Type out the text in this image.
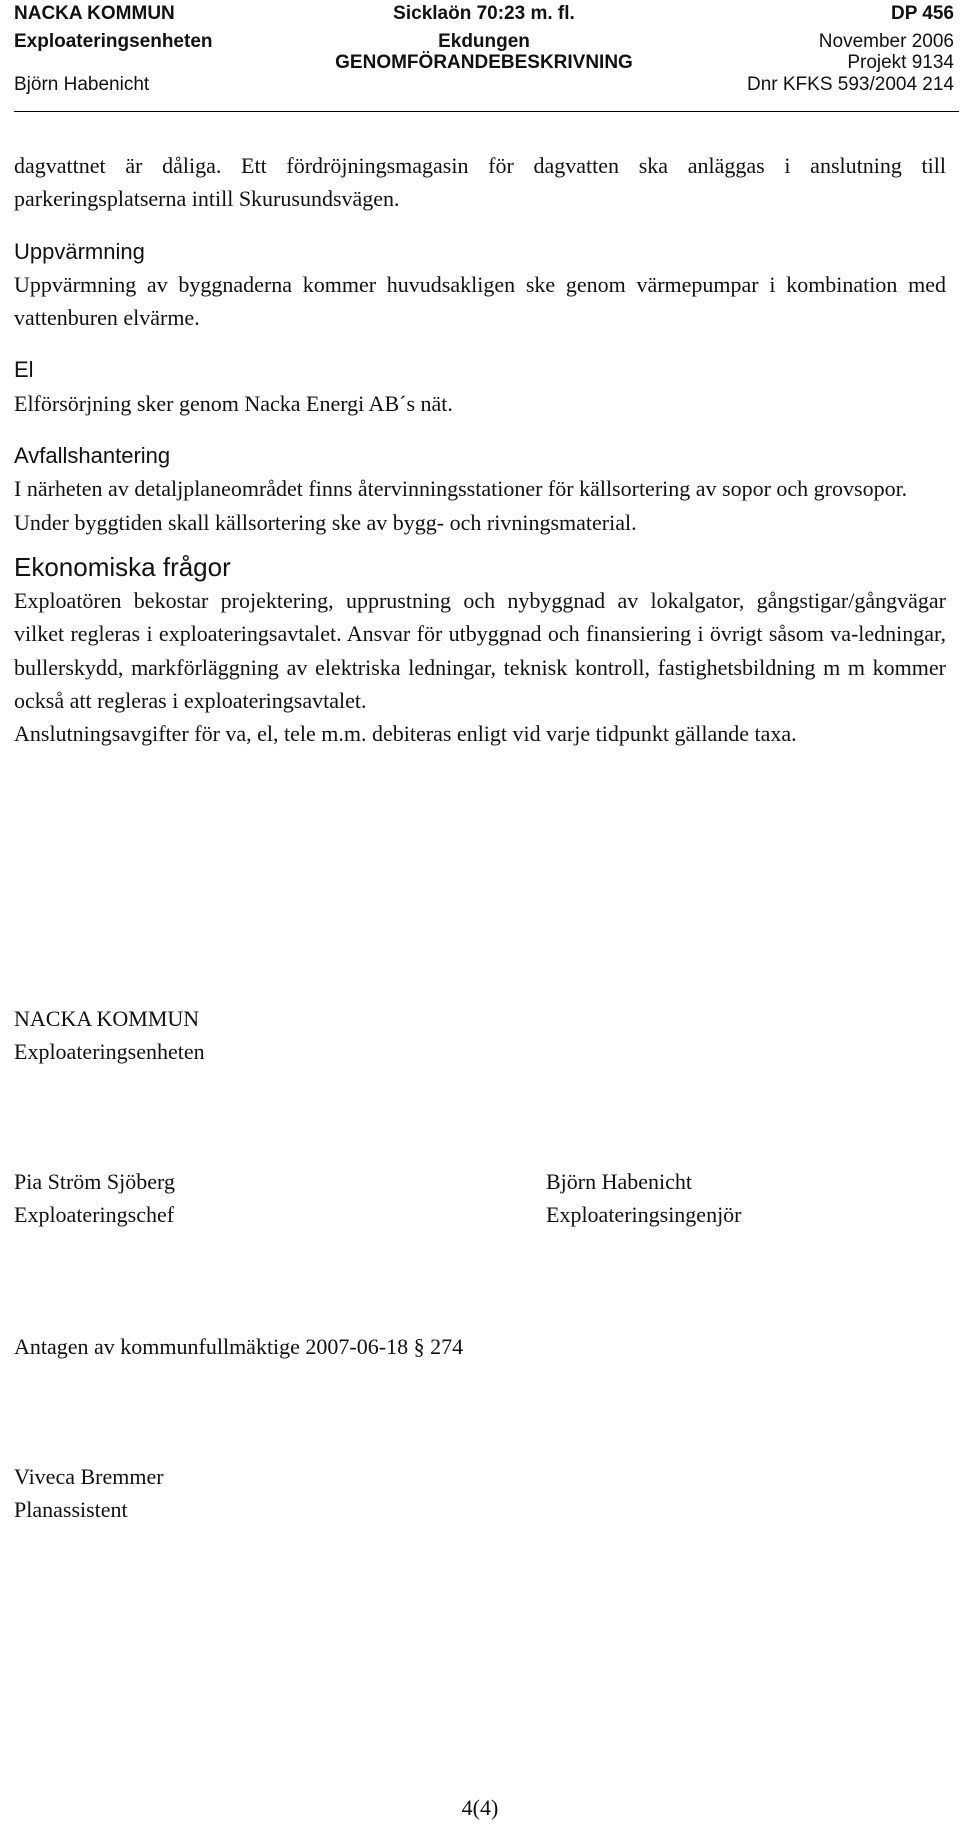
NACKA KOMMUN	Sicklaön 70:23 m. fl.	DP 456
Exploateringsenheten	Ekdungen	November 2006
GENOMFÖRANDEBESKRIVNING	Projekt 9134
Björn Habenicht	Dnr KFKS 593/2004 214

dagvattnet är dåliga. Ett fördröjningsmagasin för dagvatten ska anläggas i anslutning till parkeringsplatserna intill Skurusundsvägen.

Uppvärmning

Uppvärmning av byggnaderna kommer huvudsakligen ske genom värmepumpar i kombination med vattenburen elvärme.

El

Elförsörjning sker genom Nacka Energi AB´s nät.

Avfallshantering

I närheten av detaljplaneområdet finns återvinningsstationer för källsortering av sopor och grovsopor.

Under byggtiden skall källsortering ske av bygg- och rivningsmaterial.

Ekonomiska frågor

Exploatören bekostar projektering, upprustning och nybyggnad av lokalgator, gångstigar/gångvägar vilket regleras i exploateringsavtalet. Ansvar för utbyggnad och finansiering i övrigt såsom va-ledningar, bullerskydd, markförläggning av elektriska ledningar, teknisk kontroll, fastighetsbildning m m kommer också att regleras i exploateringsavtalet.

Anslutningsavgifter för va, el, tele m.m. debiteras enligt vid varje tidpunkt gällande taxa.

NACKA KOMMUN
Exploateringsenheten
Pia Ström Sjöberg
Exploateringschef
Björn Habenicht
Exploateringsingenjör
Antagen av kommunfullmäktige 2007-06-18 § 274
Viveca Bremmer
Planassistent
4(4)
